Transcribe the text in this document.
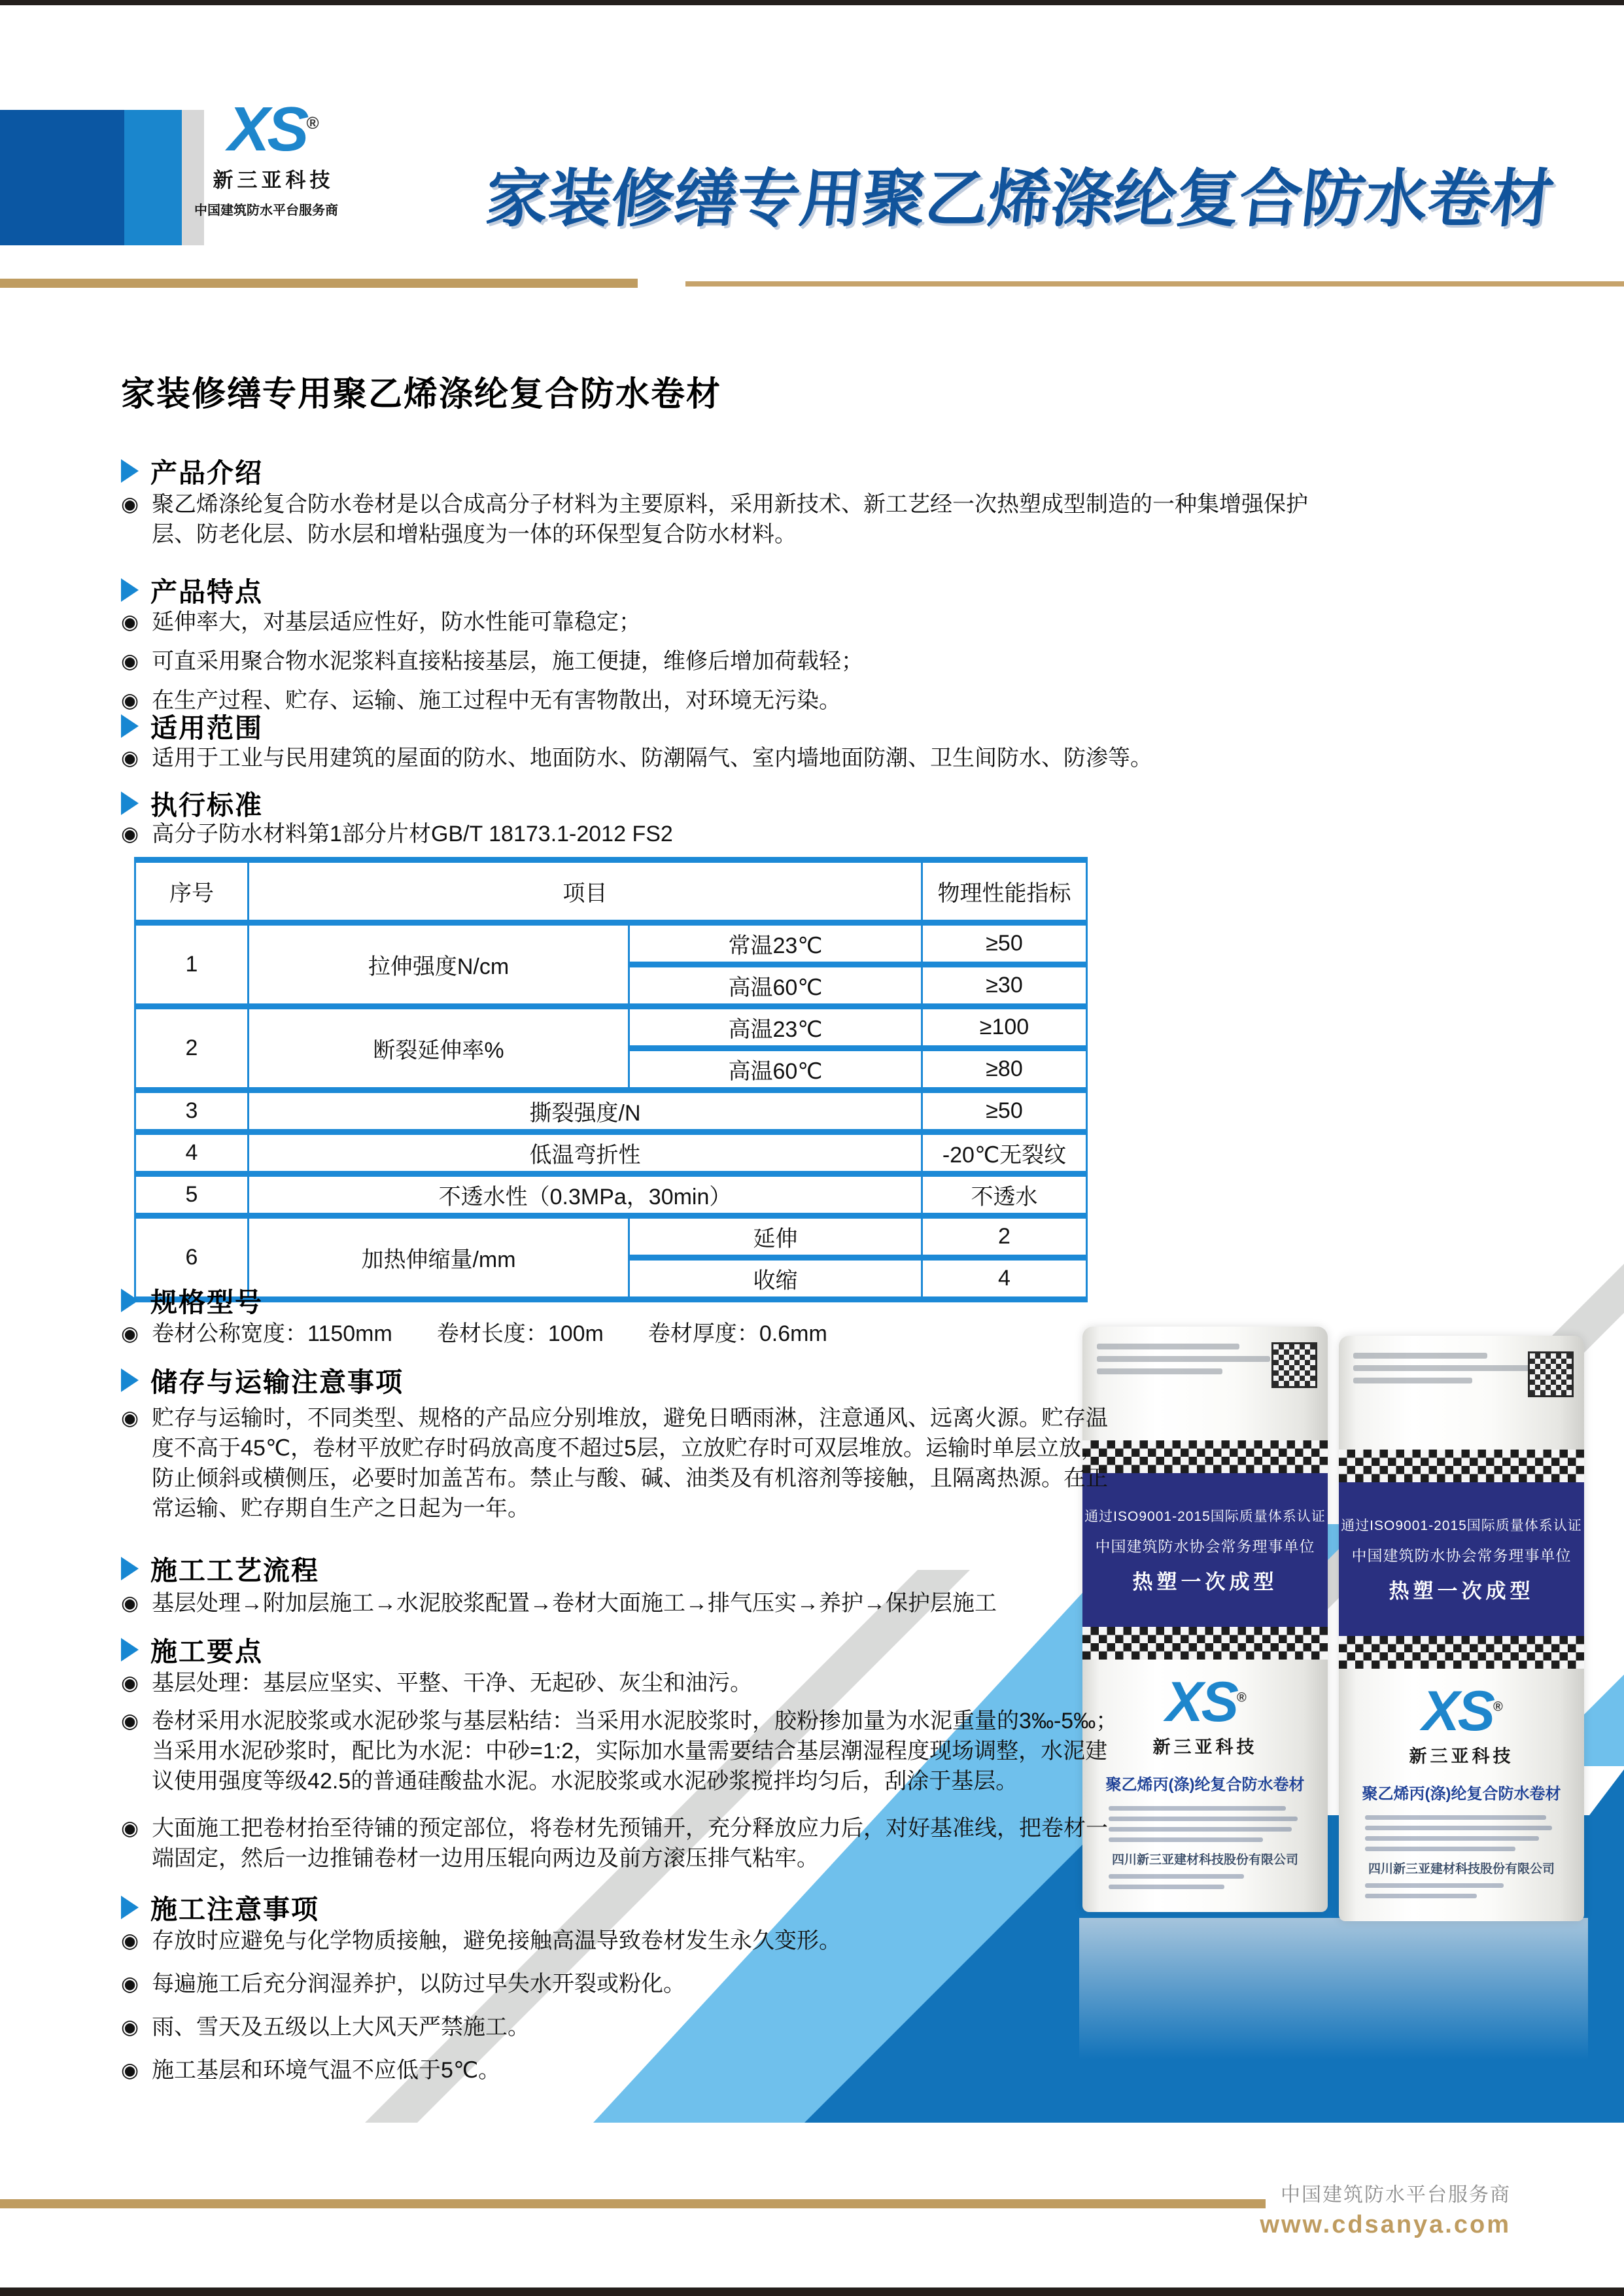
XS®
新三亚科技
中国建筑防水平台服务商	家装修缮专用聚乙烯涤纶复合防水卷材
家装修缮专用聚乙烯涤纶复合防水卷材
产品介绍
◉ 聚乙烯涤纶复合防水卷材是以合成高分子材料为主要原料，采用新技术、新工艺经一次热塑成型制造的一种集增强保护层、防老化层、防水层和增粘强度为一体的环保型复合防水材料。
产品特点
◉ 延伸率大，对基层适应性好，防水性能可靠稳定；
◉ 可直采用聚合物水泥浆料直接粘接基层，施工便捷，维修后增加荷载轻；
◉ 在生产过程、贮存、运输、施工过程中无有害物散出，对环境无污染。
适用范围
◉ 适用于工业与民用建筑的屋面的防水、地面防水、防潮隔气、室内墙地面防潮、卫生间防水、防渗等。
执行标准
◉ 高分子防水材料第1部分片材GB/T 18173.1-2012 FS2
序号	项目		物理性能指标
1	拉伸强度N/cm	常温23℃	≥50
		高温60℃	≥30
2	断裂延伸率%	高温23℃	≥100
		高温60℃	≥80
3	撕裂强度/N		≥50
4	低温弯折性		-20℃无裂纹
5	不透水性（0.3MPa，30min）		不透水
6	加热伸缩量/mm	延伸	2
		收缩	4
规格型号
◉ 卷材公称宽度：1150mm　　卷材长度：100m　　卷材厚度：0.6mm
储存与运输注意事项
◉ 贮存与运输时，不同类型、规格的产品应分别堆放，避免日晒雨淋，注意通风、远离火源。贮存温度不高于45℃，卷材平放贮存时码放高度不超过5层，立放贮存时可双层堆放。运输时单层立放，防止倾斜或横侧压，必要时加盖苫布。禁止与酸、碱、油类及有机溶剂等接触，且隔离热源。在正常运输、贮存期自生产之日起为一年。
施工工艺流程
◉ 基层处理→附加层施工→水泥胶浆配置→卷材大面施工→排气压实→养护→保护层施工
施工要点
◉ 基层处理：基层应坚实、平整、干净、无起砂、灰尘和油污。
◉ 卷材采用水泥胶浆或水泥砂浆与基层粘结：当采用水泥胶浆时，胶粉掺加量为水泥重量的3‰-5‰；当采用水泥砂浆时，配比为水泥：中砂=1:2，实际加水量需要结合基层潮湿程度现场调整，水泥建议使用强度等级42.5的普通硅酸盐水泥。水泥胶浆或水泥砂浆搅拌均匀后，刮涂于基层。
◉ 大面施工把卷材抬至待铺的预定部位，将卷材先预铺开，充分释放应力后，对好基准线，把卷材一端固定，然后一边推铺卷材一边用压辊向两边及前方滚压排气粘牢。
施工注意事项
◉ 存放时应避免与化学物质接触，避免接触高温导致卷材发生永久变形。
◉ 每遍施工后充分润湿养护，以防过早失水开裂或粉化。
◉ 雨、雪天及五级以上大风天严禁施工。
◉ 施工基层和环境气温不应低于5℃。
通过ISO9001-2015国际质量体系认证
中国建筑防水协会常务理事单位
热塑一次成型
XS®
新三亚科技
聚乙烯丙(涤)纶复合防水卷材
四川新三亚建材科技股份有限公司
通过ISO9001-2015国际质量体系认证
中国建筑防水协会常务理事单位
热塑一次成型
XS®
新三亚科技
聚乙烯丙(涤)纶复合防水卷材
四川新三亚建材科技股份有限公司
中国建筑防水平台服务商
www.cdsanya.com
